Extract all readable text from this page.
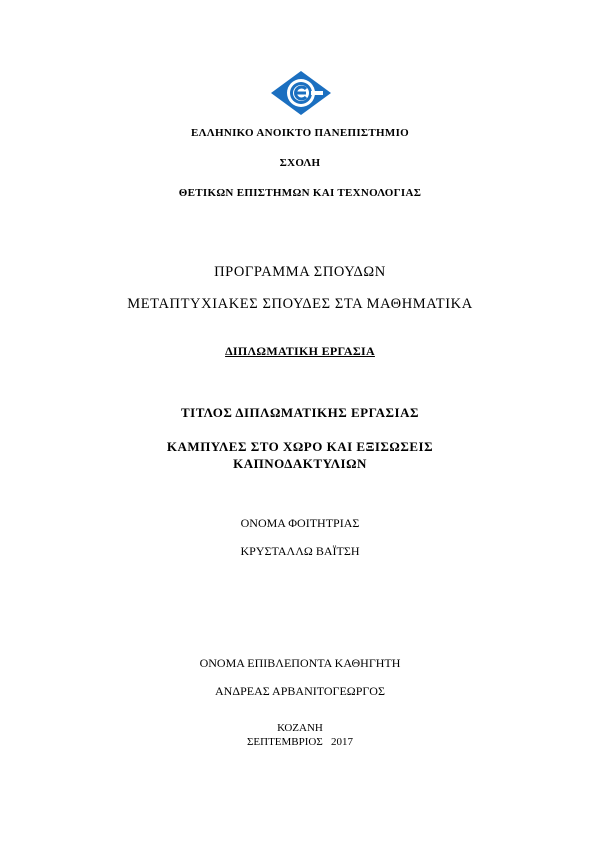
ΕΛΛΗΝΙΚΟ ΑΝΟΙΚΤΟ ΠΑΝΕΠΙΣΤΗΜΙΟ
ΣΧΟΛΗ
ΘΕΤΙΚΩΝ ΕΠΙΣΤΗΜΩΝ ΚΑΙ ΤΕΧΝΟΛΟΓΙΑΣ
ΠΡΟΓΡΑΜΜΑ ΣΠΟΥΔΩΝ
ΜΕΤΑΠΤΥΧΙΑΚΕΣ ΣΠΟΥΔΕΣ ΣΤΑ ΜΑΘΗΜΑΤΙΚΑ
ΔΙΠΛΩΜΑΤΙΚΗ ΕΡΓΑΣΙΑ
ΤΙΤΛΟΣ ΔΙΠΛΩΜΑΤΙΚΗΣ ΕΡΓΑΣΙΑΣ
ΚΑΜΠΥΛΕΣ ΣΤΟ ΧΩΡΟ ΚΑΙ ΕΞΙΣΩΣΕΙΣ
ΚΑΠΝΟΔΑΚΤΥΛΙΩΝ
ΟΝΟΜΑ ΦΟΙΤΗΤΡΙΑΣ
ΚΡΥΣΤΑΛΛΩ ΒΑΪΤΣΗ
ΟΝΟΜΑ ΕΠΙΒΛΕΠΟΝΤΑ ΚΑΘΗΓΗΤΗ
ΑΝΔΡΕΑΣ ΑΡΒΑΝΙΤΟΓΕΩΡΓΟΣ
ΚΟΖΑΝΗ
ΣΕΠΤΕΜΒΡΙΟΣ   2017
